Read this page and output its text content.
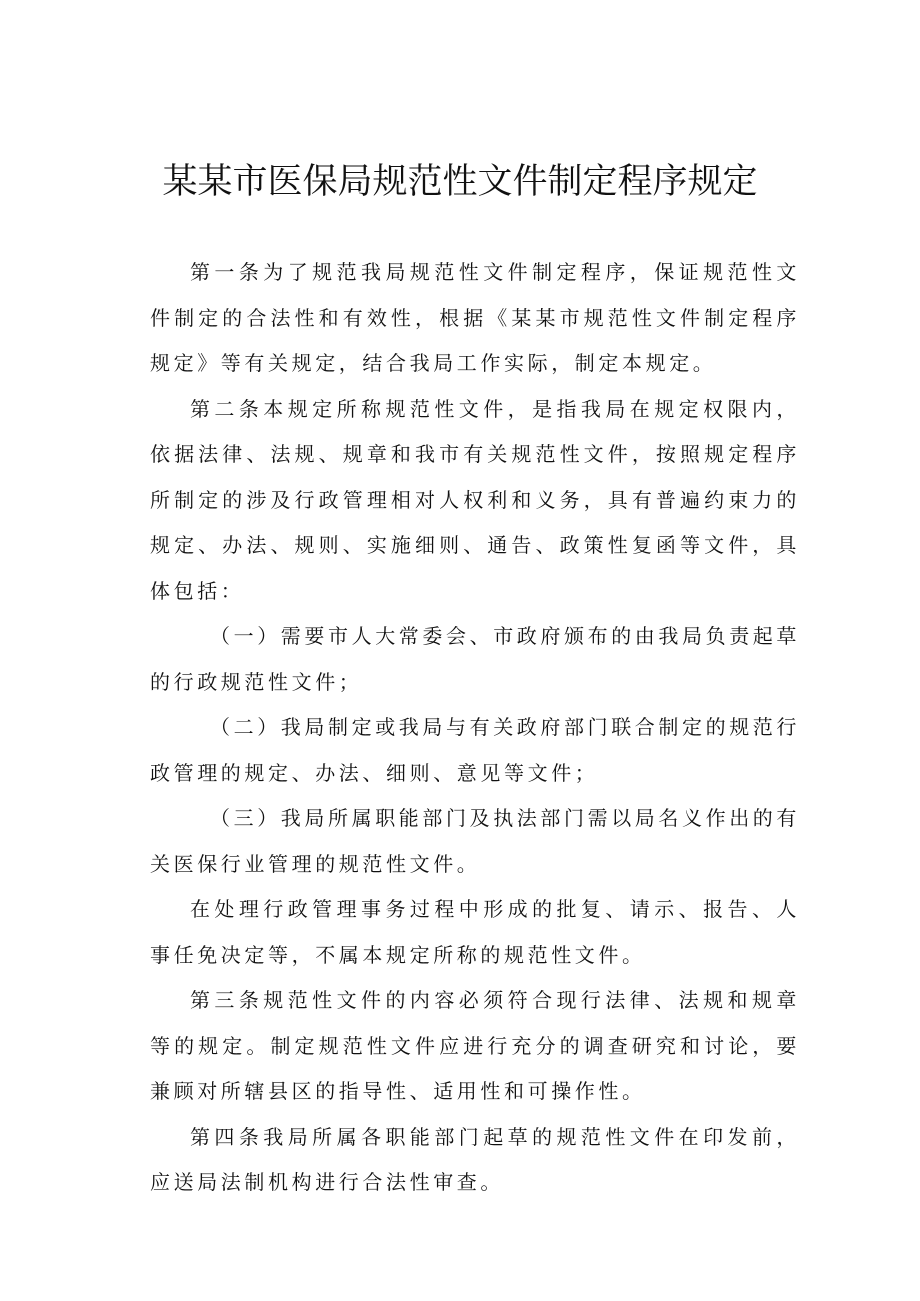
某某市医保局规范性文件制定程序规定

第一条为了规范我局规范性文件制定程序，保证规范性文件制定的合法性和有效性，根据《某某市规范性文件制定程序规定》等有关规定，结合我局工作实际，制定本规定。

第二条本规定所称规范性文件，是指我局在规定权限内，依据法律、法规、规章和我市有关规范性文件，按照规定程序所制定的涉及行政管理相对人权利和义务，具有普遍约束力的规定、办法、规则、实施细则、通告、政策性复函等文件，具体包括：

（一）需要市人大常委会、市政府颁布的由我局负责起草的行政规范性文件；

（二）我局制定或我局与有关政府部门联合制定的规范行政管理的规定、办法、细则、意见等文件；

（三）我局所属职能部门及执法部门需以局名义作出的有关医保行业管理的规范性文件。

在处理行政管理事务过程中形成的批复、请示、报告、人事任免决定等，不属本规定所称的规范性文件。

第三条规范性文件的内容必须符合现行法律、法规和规章等的规定。制定规范性文件应进行充分的调查研究和讨论，要兼顾对所辖县区的指导性、适用性和可操作性。

第四条我局所属各职能部门起草的规范性文件在印发前，应送局法制机构进行合法性审查。
